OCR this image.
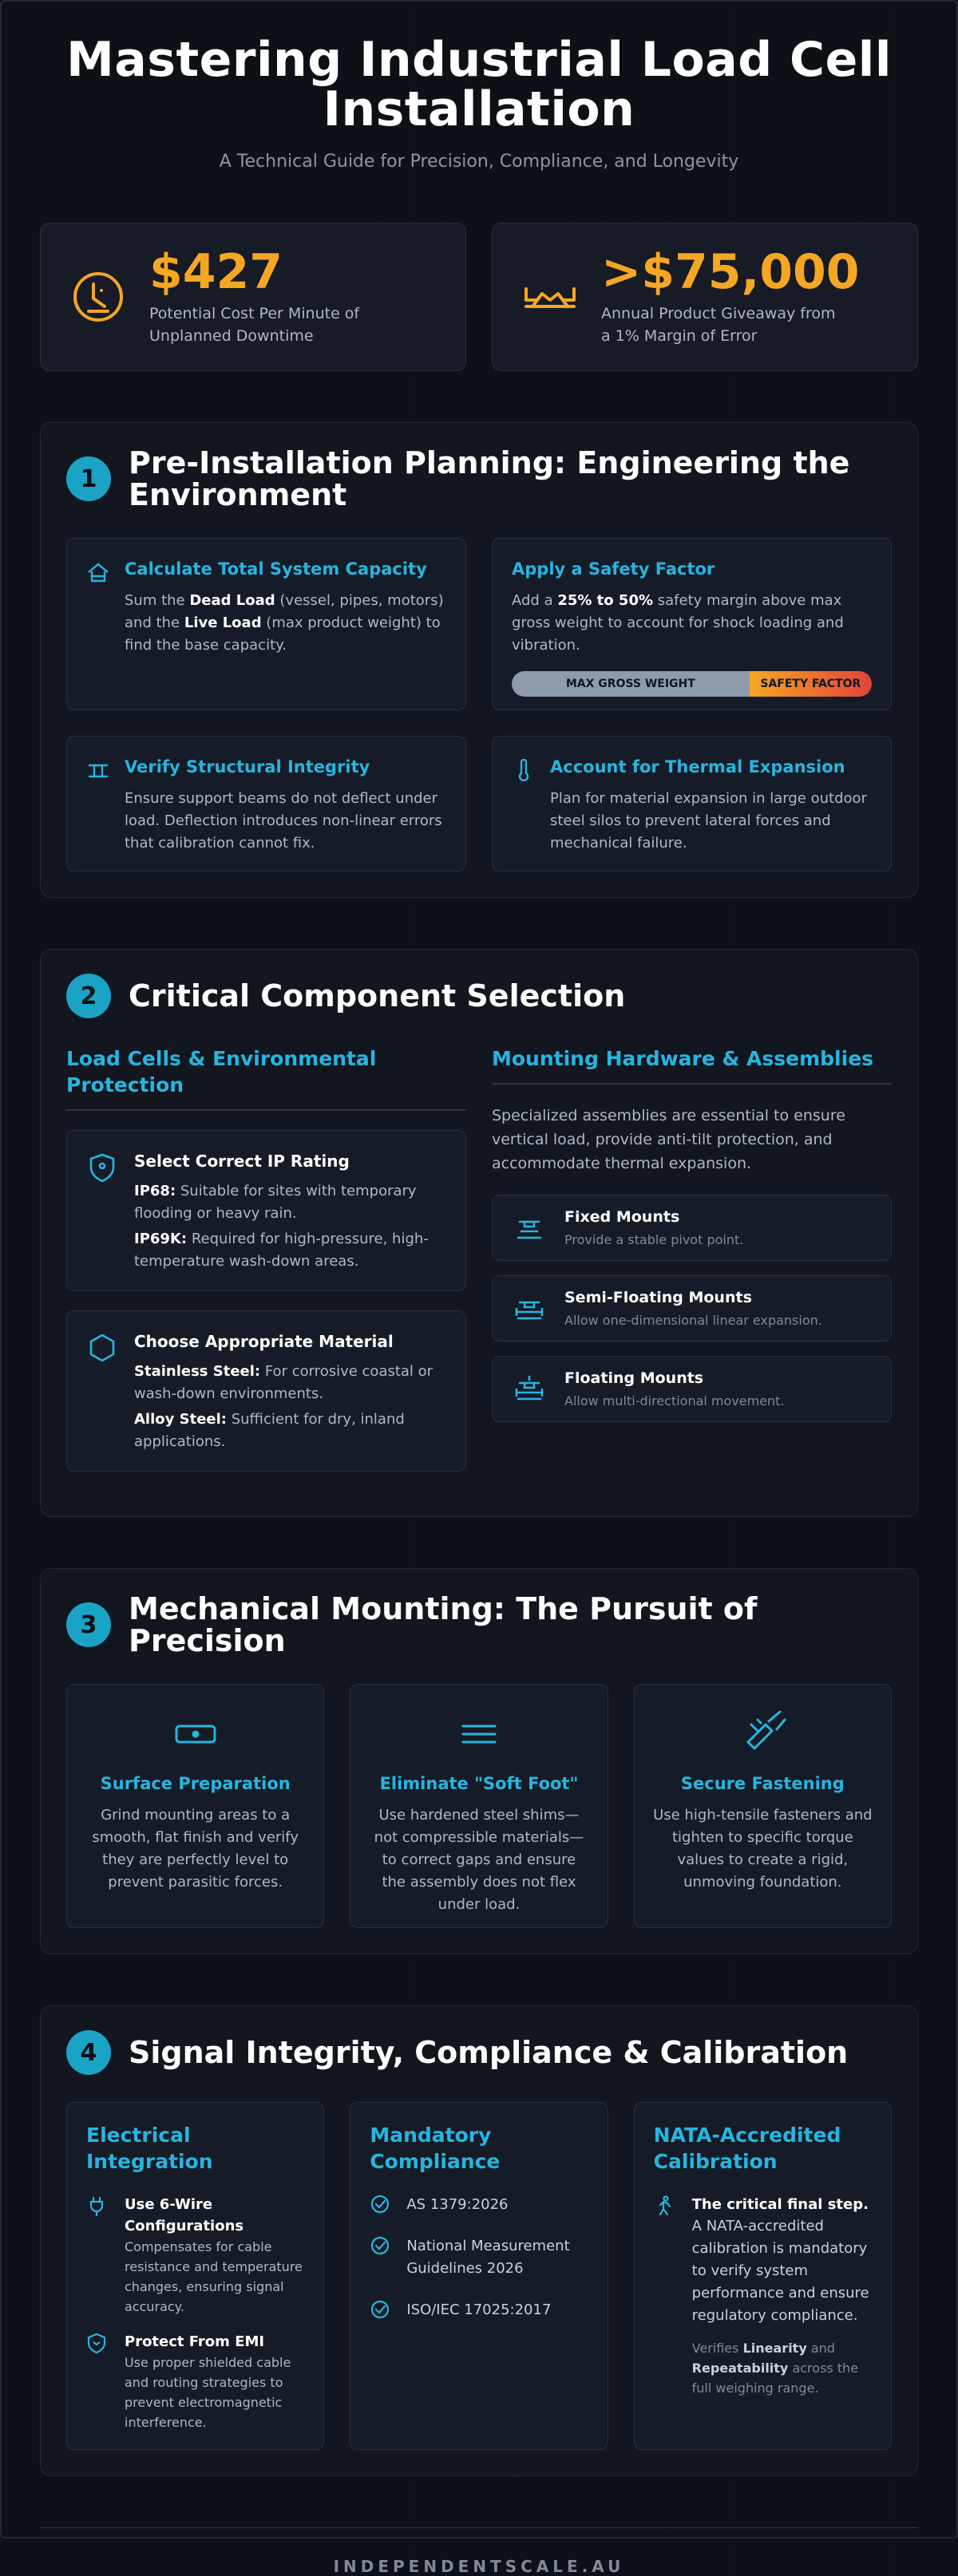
Mastering Industrial Load Cell Installation
A Technical Guide for Precision, Compliance, and Longevity
$427
Potential Cost Per Minute of Unplanned Downtime
>$75,000
Annual Product Giveaway from a 1% Margin of Error
1	Pre-Installation Planning: Engineering the Environment
Calculate Total System Capacity
Sum the Dead Load (vessel, pipes, motors) and the Live Load (max product weight) to find the base capacity.
Apply a Safety Factor
Add a 25% to 50% safety margin above max gross weight to account for shock loading and vibration.
MAX GROSS WEIGHT	SAFETY FACTOR
Verify Structural Integrity
Ensure support beams do not deflect under load. Deflection introduces non-linear errors that calibration cannot fix.
Account for Thermal Expansion
Plan for material expansion in large outdoor steel silos to prevent lateral forces and mechanical failure.
2	Critical Component Selection
Load Cells & Environmental Protection
Select Correct IP Rating
IP68: Suitable for sites with temporary flooding or heavy rain.
IP69K: Required for high-pressure, high-temperature wash-down areas.
Choose Appropriate Material
Stainless Steel: For corrosive coastal or wash-down environments.
Alloy Steel: Sufficient for dry, inland applications.
Mounting Hardware & Assemblies
Specialized assemblies are essential to ensure vertical load, provide anti-tilt protection, and accommodate thermal expansion.
Fixed Mounts
Provide a stable pivot point.
Semi-Floating Mounts
Allow one-dimensional linear expansion.
Floating Mounts
Allow multi-directional movement.
3	Mechanical Mounting: The Pursuit of Precision
Surface Preparation
Grind mounting areas to a smooth, flat finish and verify they are perfectly level to prevent parasitic forces.
Eliminate "Soft Foot"
Use hardened steel shims—not compressible materials—to correct gaps and ensure the assembly does not flex under load.
Secure Fastening
Use high-tensile fasteners and tighten to specific torque values to create a rigid, unmoving foundation.
4	Signal Integrity, Compliance & Calibration
Electrical Integration
Use 6-Wire Configurations
Compensates for cable resistance and temperature changes, ensuring signal accuracy.
Protect From EMI
Use proper shielded cable and routing strategies to prevent electromagnetic interference.
Mandatory Compliance
AS 1379:2026
National Measurement Guidelines 2026
ISO/IEC 17025:2017
NATA-Accredited Calibration
The critical final step.
A NATA-accredited calibration is mandatory to verify system performance and ensure regulatory compliance.
Verifies Linearity and Repeatability across the full weighing range.
INDEPENDENTSCALE.AU
